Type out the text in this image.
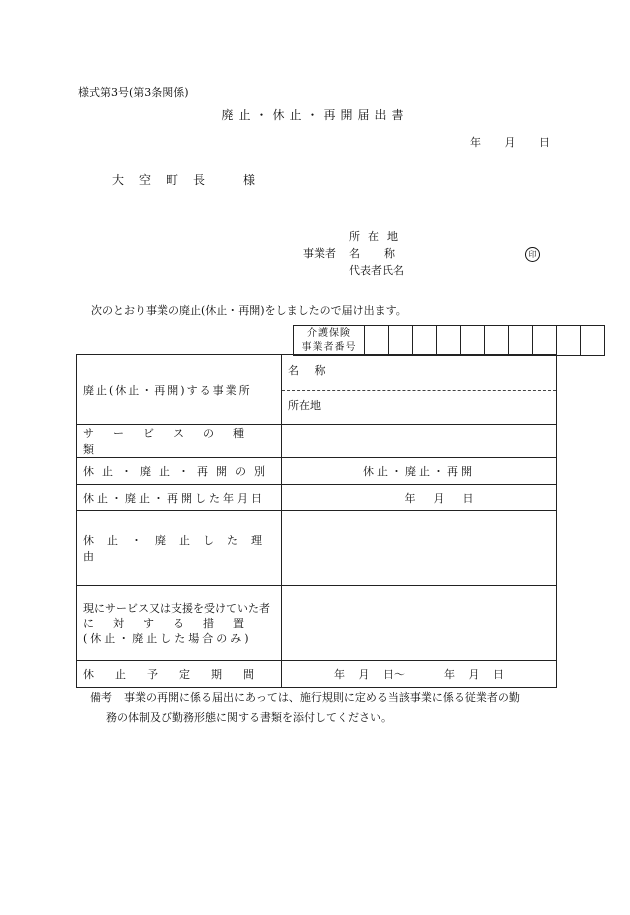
様式第3号(第3条関係)
廃止・休止・再開届出書
年 月 日
大空町長 様
所在地
事業者	名称
代表者氏名
印
次のとおり事業の廃止(休止・再開)をしましたので届け出ます。
介護保険
事業者番号

廃止(休止・再開)する事業所	名 称
所在地

サービスの種類	

休止・廃止・再開の別	休止・廃止・再開

休止・廃止・再開した年月日	年 月 日

休止・廃止した理由	

現にサービス又は支援を受けていた者
に対する措置
(休止・廃止した場合のみ)	

休止予定期間	年 月 日〜 年 月 日
備考 事業の再開に係る届出にあっては、施行規則に定める当該事業に係る従業者の勤
務の体制及び勤務形態に関する書類を添付してください。
